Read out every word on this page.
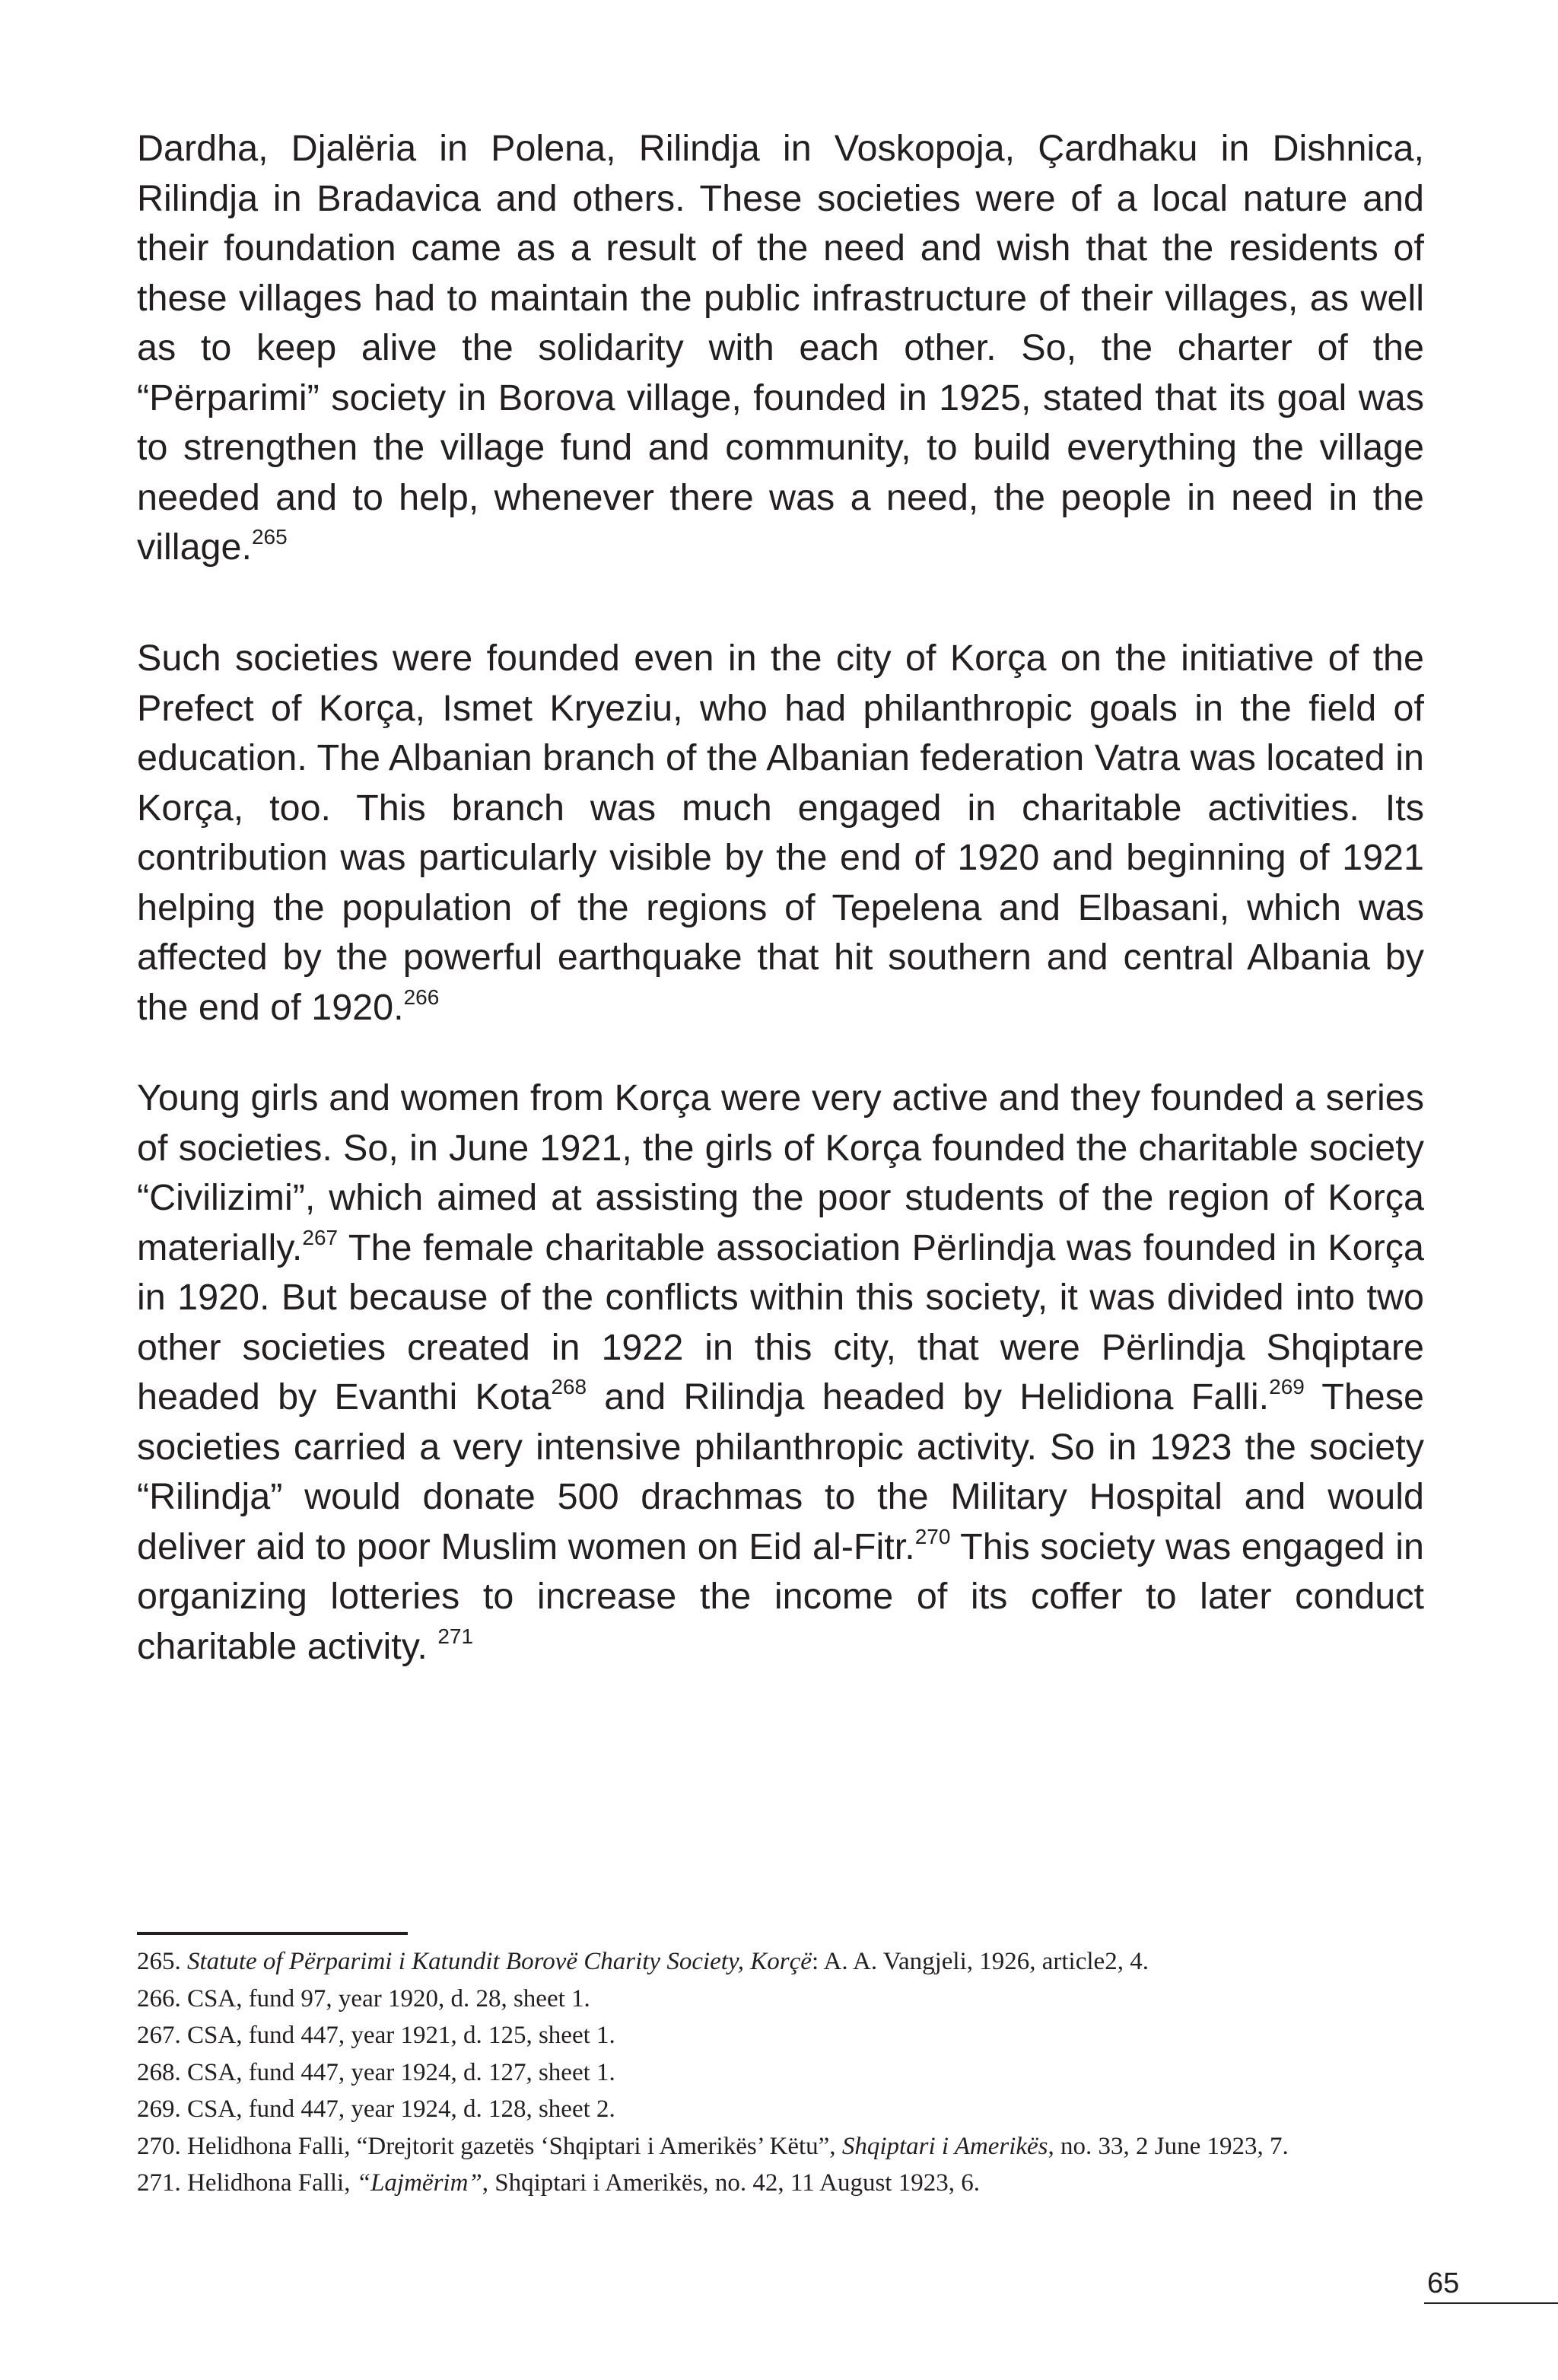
Dardha, Djalëria in Polena, Rilindja in Voskopoja, Çardhaku in Dishnica, Rilindja in Bradavica and others. These societies were of a local nature and their foundation came as a result of the need and wish that the residents of these villages had to maintain the public infrastructure of their villages, as well as to keep alive the solidarity with each other. So, the charter of the “Përparimi” society in Borova village, founded in 1925, stated that its goal was to strengthen the village fund and community, to build everything the village needed and to help, whenever there was a need, the people in need in the village.$^{265}$

Such societies were founded even in the city of Korça on the initiative of the Prefect of Korça, Ismet Kryeziu, who had philanthropic goals in the field of education. The Albanian branch of the Albanian federation Vatra was located in Korça, too. This branch was much engaged in charitable activities. Its contribution was particularly visible by the end of 1920 and beginning of 1921 helping the population of the regions of Tepelena and Elbasani, which was affected by the powerful earthquake that hit southern and central Albania by the end of 1920.$^{266}$

Young girls and women from Korça were very active and they founded a series of societies. So, in June 1921, the girls of Korça founded the charitable society “Civilizimi”, which aimed at assisting the poor students of the region of Korça materially.$^{267}$ The female charitable association Përlindja was founded in Korça in 1920. But because of the conflicts within this society, it was divided into two other societies created in 1922 in this city, that were Përlindja Shqiptare headed by Evanthi Kota$^{268}$ and Rilindja headed by Helidiona Falli.$^{269}$ These societies carried a very intensive philanthropic activity. So in 1923 the society “Rilindja” would donate 500 drachmas to the Military Hospital and would deliver aid to poor Muslim women on Eid al-Fitr.$^{270}$ This society was engaged in organizing lotteries to increase the income of its coffer to later conduct charitable activity. $^{271}$

265. Statute of Përparimi i Katundit Borovë Charity Society, Korçë: A. A. Vangjeli, 1926, article2, 4.

266. CSA, fund 97, year 1920, d. 28, sheet 1.

267. CSA, fund 447, year 1921, d. 125, sheet 1.

268. CSA, fund 447, year 1924, d. 127, sheet 1.

269. CSA, fund 447, year 1924, d. 128, sheet 2.

270. Helidhona Falli, “Drejtorit gazetës ‘Shqiptari i Amerikës’ Këtu”, Shqiptari i Amerikës, no. 33, 2 June 1923, 7.

271. Helidhona Falli, “Lajmërim”, Shqiptari i Amerikës, no. 42, 11 August 1923, 6.

65
